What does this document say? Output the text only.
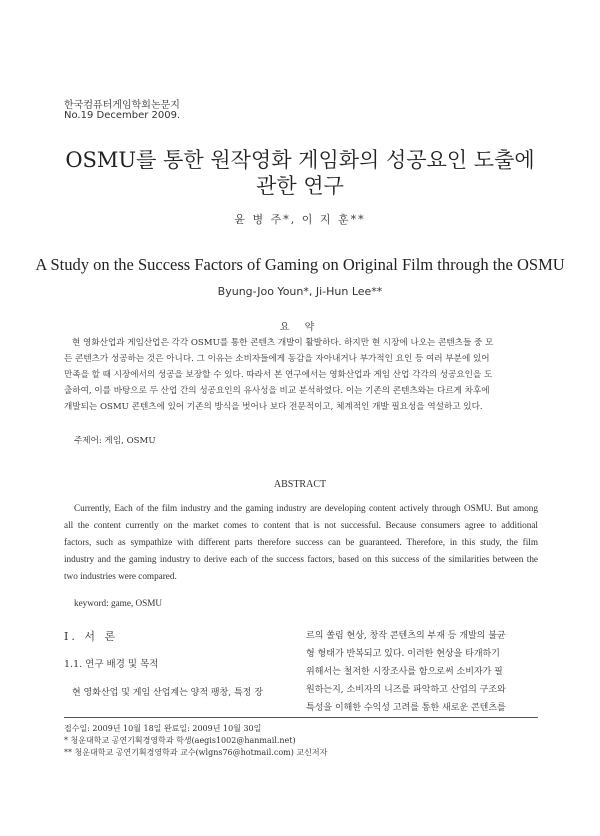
한국컴퓨터게임학회논문지
No.19 December 2009.
OSMU를 통한 원작영화 게임화의 성공요인 도출에
관한 연구
윤 병 주*, 이 지 훈**
A Study on the Success Factors of Gaming on Original Film through the OSMU
Byung-Joo Youn*, Ji-Hun Lee**
요 약
현 영화산업과 게임산업은 각각 OSMU를 통한 콘텐츠 개발이 활발하다. 하지만 현 시장에 나오는 콘텐츠들 중 모
든 콘텐츠가 성공하는 것은 아니다. 그 이유는 소비자들에게 동감을 자아내거나 부가적인 요인 등 여러 부분에 있어
만족을 할 때 시장에서의 성공을 보장할 수 있다. 따라서 본 연구에서는 영화산업과 게임 산업 각각의 성공요인을 도
출하여, 이를 바탕으로 두 산업 간의 성공요인의 유사성을 비교 분석하였다. 이는 기존의 콘텐츠와는 다르게 차후에
개발되는 OSMU 콘텐츠에 있어 기존의 방식을 벗어나 보다 전문적이고, 체계적인 개발 필요성을 역설하고 있다.
주제어: 게임, OSMU
ABSTRACT
Currently, Each of the film industry and the gaming industry are developing content actively through OSMU. But among
all the content currently on the market comes to content that is not successful. Because consumers agree to additional
factors, such as sympathize with different parts therefore success can be guaranteed. Therefore, in this study, the film
industry and the gaming industry to derive each of the success factors, based on this success of the similarities between the
two industries were compared.
keyword: game, OSMU
I. 서 론
1.1. 연구 배경 및 목적
현 영화산업 및 게임 산업계는 양적 팽창, 특정 장
르의 쏠림 현상, 창작 콘텐츠의 부재 등 개발의 불균
형 형태가 반복되고 있다. 이러한 현상을 타개하기
위해서는 철저한 시장조사를 함으로써 소비자가 필
원하는지, 소비자의 니즈를 파악하고 산업의 구조와
특성을 이해한 수익성 고려를 통한 새로운 콘텐츠를
접수일: 2009년 10월 18일 완료일: 2009년 10월 30일
* 청운대학교 공연기획경영학과 학생(aegis1002@hanmail.net)
** 청운대학교 공연기획경영학과 교수(wlgns76@hotmail.com) 교신저자
